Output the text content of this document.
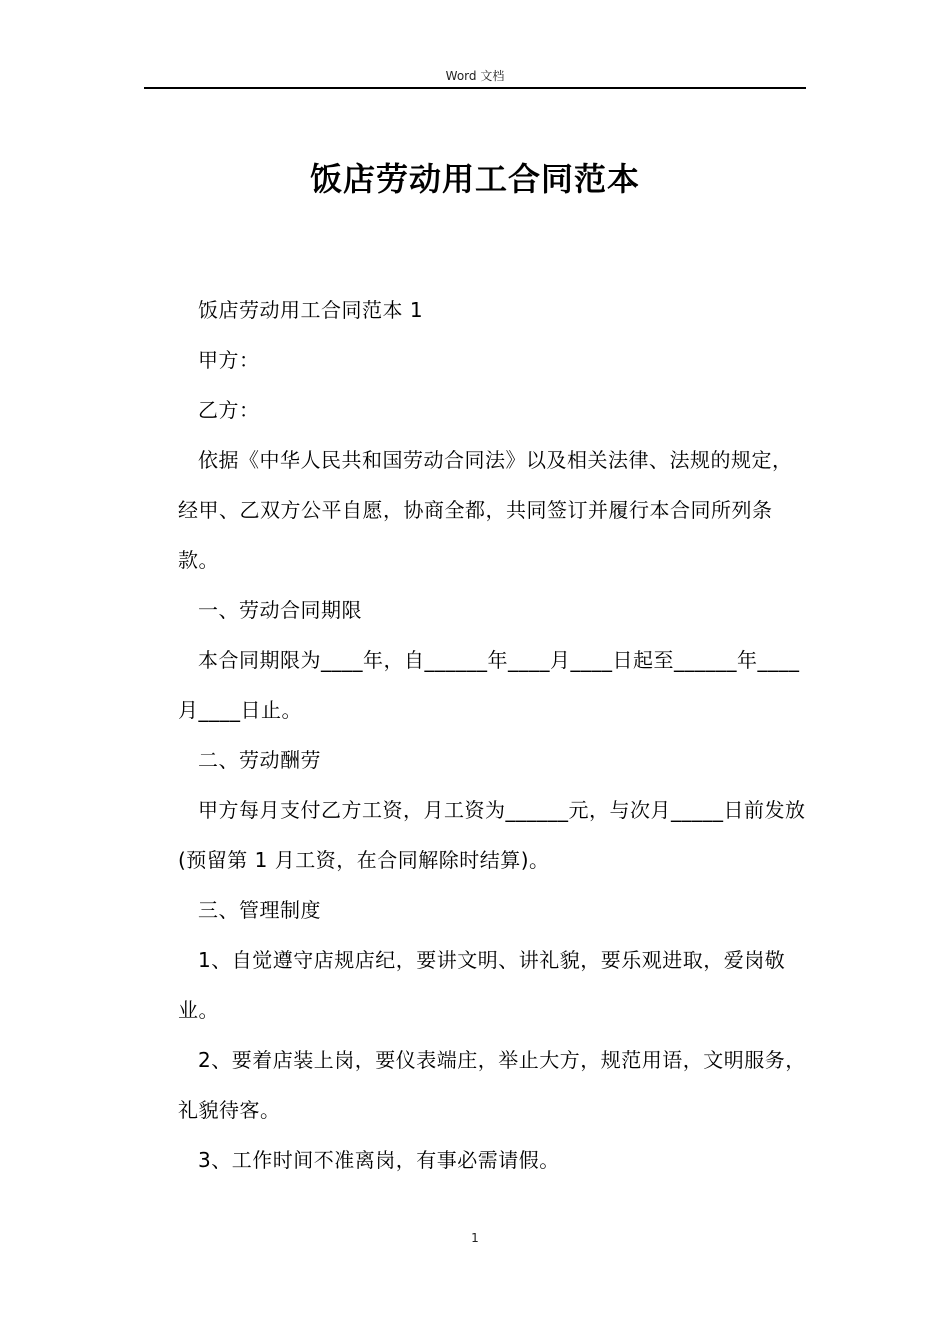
Word 文档
饭店劳动用工合同范本

饭店劳动用工合同范本 1

甲方：

乙方：

依据《中华人民共和国劳动合同法》以及相关法律、法规的规定，经甲、乙双方公平自愿，协商全都，共同签订并履行本合同所列条款。

一、劳动合同期限

本合同期限为____年，自______年____月____日起至______年____月____日止。

二、劳动酬劳

甲方每月支付乙方工资，月工资为______元，与次月_____日前发放(预留第 1 月工资，在合同解除时结算)。

三、管理制度

1、自觉遵守店规店纪，要讲文明、讲礼貌，要乐观进取，爱岗敬业。

2、要着店装上岗，要仪表端庄，举止大方，规范用语，文明服务，礼貌待客。

3、工作时间不准离岗，有事必需请假。

1
